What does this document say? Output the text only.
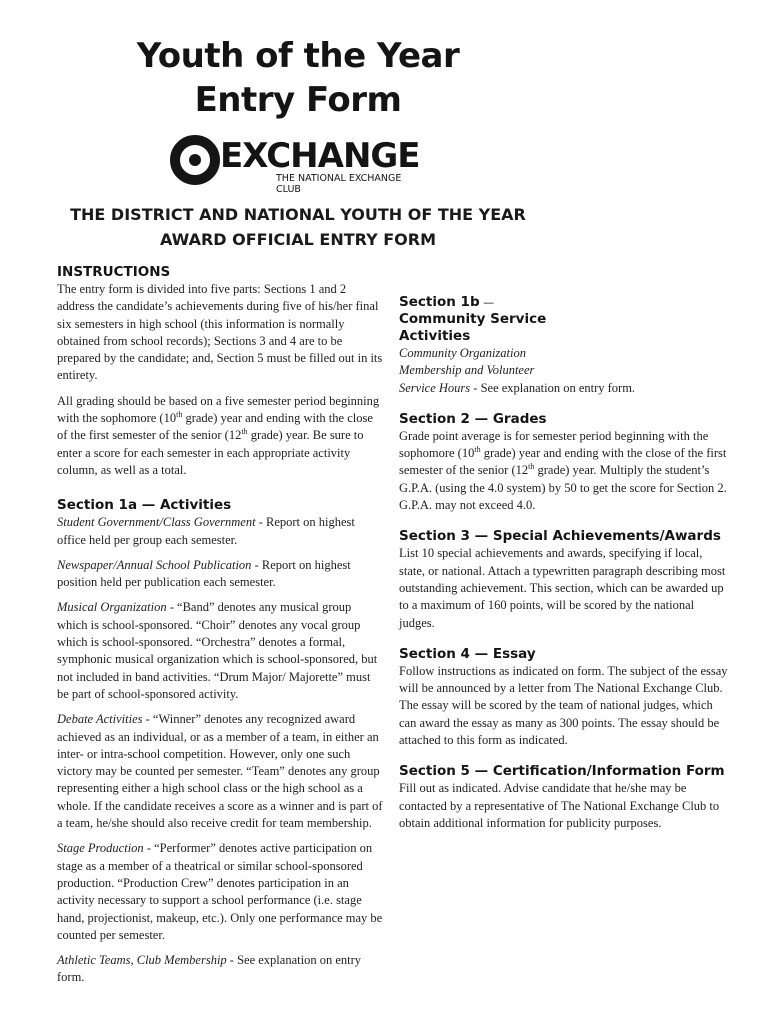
Youth of the Year
Entry Form
EXCHANGE
THE NATIONAL EXCHANGE CLUB
THE DISTRICT AND NATIONAL YOUTH OF THE YEAR
AWARD OFFICIAL ENTRY FORM
INSTRUCTIONS

The entry form is divided into five parts: Sections 1 and 2 address the candidate’s achievements during five of his/her final six semesters in high school (this information is normally obtained from school records); Sections 3 and 4 are to be prepared by the candidate; and, Section 5 must be filled out in its entirety.

All grading should be based on a five semester period beginning with the sophomore (10th grade) year and ending with the close of the first semester of the senior (12th grade) year. Be sure to enter a score for each semester in each appropriate activity column, as well as a total.

Section 1a — Activities

Student Government/Class Government - Report on highest office held per group each semester.

Newspaper/Annual School Publication - Report on highest position held per publication each semester.

Musical Organization - “Band” denotes any musical group which is school-sponsored. “Choir” denotes any vocal group which is school-sponsored. “Orchestra” denotes a formal, symphonic musical organization which is school-sponsored, but not included in band activities. “Drum Major/ Majorette” must be part of school-sponsored activity.

Debate Activities - “Winner” denotes any recognized award achieved as an individual, or as a member of a team, in either an inter- or intra-school competition. However, only one such victory may be counted per semester. “Team” denotes any group representing either a high school class or the high school as a whole. If the candidate receives a score as a winner and is part of a team, he/she should also receive credit for team membership.

Stage Production - “Performer” denotes active participation on stage as a member of a theatrical or similar school-sponsored production. “Production Crew” denotes participation in an activity necessary to support a school performance (i.e. stage hand, projectionist, makeup, etc.). Only one performance may be counted per semester.

Athletic Teams, Club Membership - See explanation on entry form.

Section 1b —
Community Service
Activities

Community Organization

Membership and Volunteer

Service Hours - See explanation on entry form.

Section 2 — Grades

Grade point average is for semester period beginning with the sophomore (10th grade) year and ending with the close of the first semester of the senior (12th grade) year. Multiply the student’s G.P.A. (using the 4.0 system) by 50 to get the score for Section 2. G.P.A. may not exceed 4.0.

Section 3 — Special Achievements/Awards

List 10 special achievements and awards, specifying if local, state, or national. Attach a typewritten paragraph describing most outstanding achievement. This section, which can be awarded up to a maximum of 160 points, will be scored by the national judges.

Section 4 — Essay

Follow instructions as indicated on form. The subject of the essay will be announced by a letter from The National Exchange Club. The essay will be scored by the team of national judges, which can award the essay as many as 300 points. The essay should be attached to this form as indicated.

Section 5 — Certification/Information Form

Fill out as indicated. Advise candidate that he/she may be contacted by a representative of The National Exchange Club to obtain additional information for publicity purposes.
